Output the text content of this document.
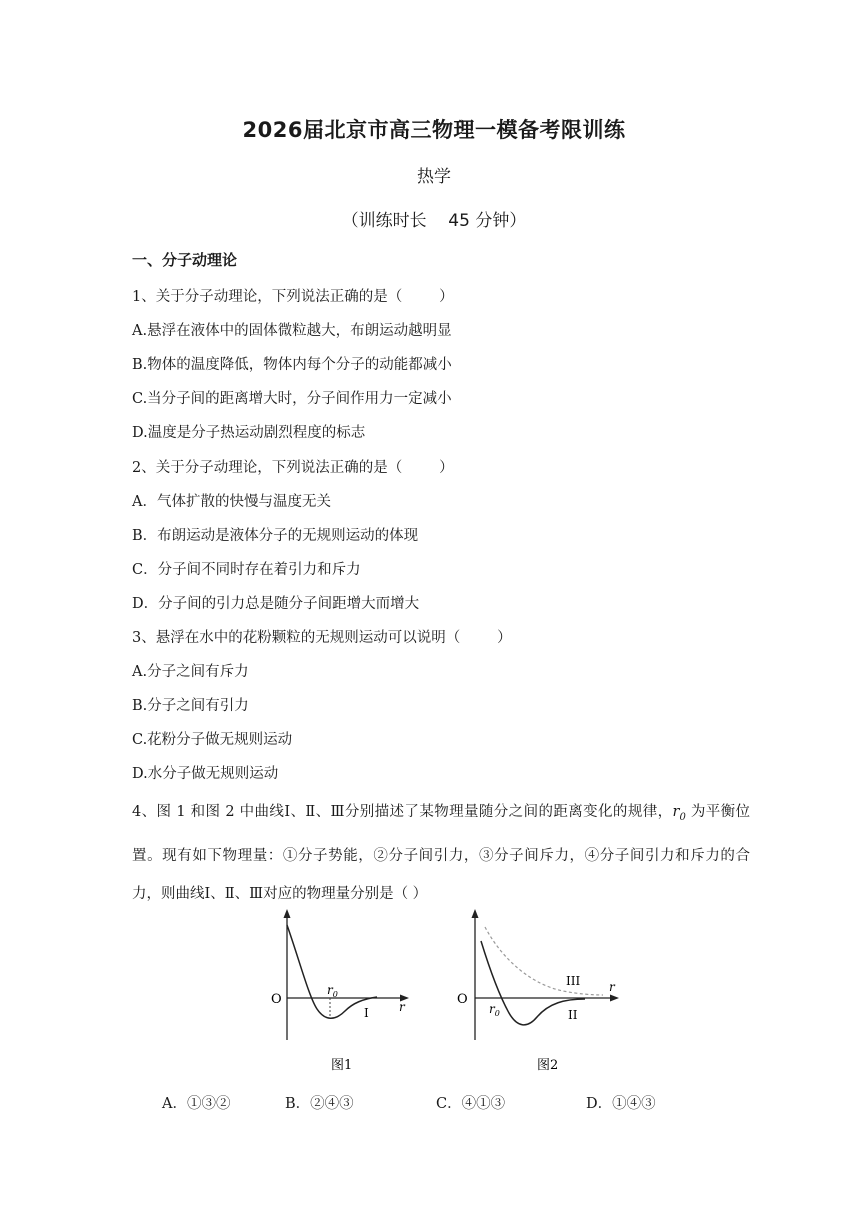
2026届北京市高三物理一模备考限训练
热学
（训练时长    45 分钟）
一、分子动理论
1、关于分子动理论，下列说法正确的是（        ）
A.悬浮在液体中的固体微粒越大，布朗运动越明显
B.物体的温度降低，物体内每个分子的动能都减小
C.当分子间的距离增大时，分子间作用力一定减小
D.温度是分子热运动剧烈程度的标志
2、关于分子动理论，下列说法正确的是（        ）
A．气体扩散的快慢与温度无关
B．布朗运动是液体分子的无规则运动的体现
C．分子间不同时存在着引力和斥力
D．分子间的引力总是随分子间距增大而增大
3、悬浮在水中的花粉颗粒的无规则运动可以说明（        ）
A.分子之间有斥力
B.分子之间有引力
C.花粉分子做无规则运动
D.水分子做无规则运动
4、图 1 和图 2 中曲线Ⅰ、Ⅱ、Ⅲ分别描述了某物理量随分之间的距离变化的规律，$r_0$ 为平衡位置。现有如下物理量：①分子势能，②分子间引力，③分子间斥力，④分子间引力和斥力的合力，则曲线Ⅰ、Ⅱ、Ⅲ对应的物理量分别是（ ）
O
$r_0$
r
I
图1
O
$r_0$
r
III
II
图2
A．①③②	B．②④③	C．④①③	D．①④③
